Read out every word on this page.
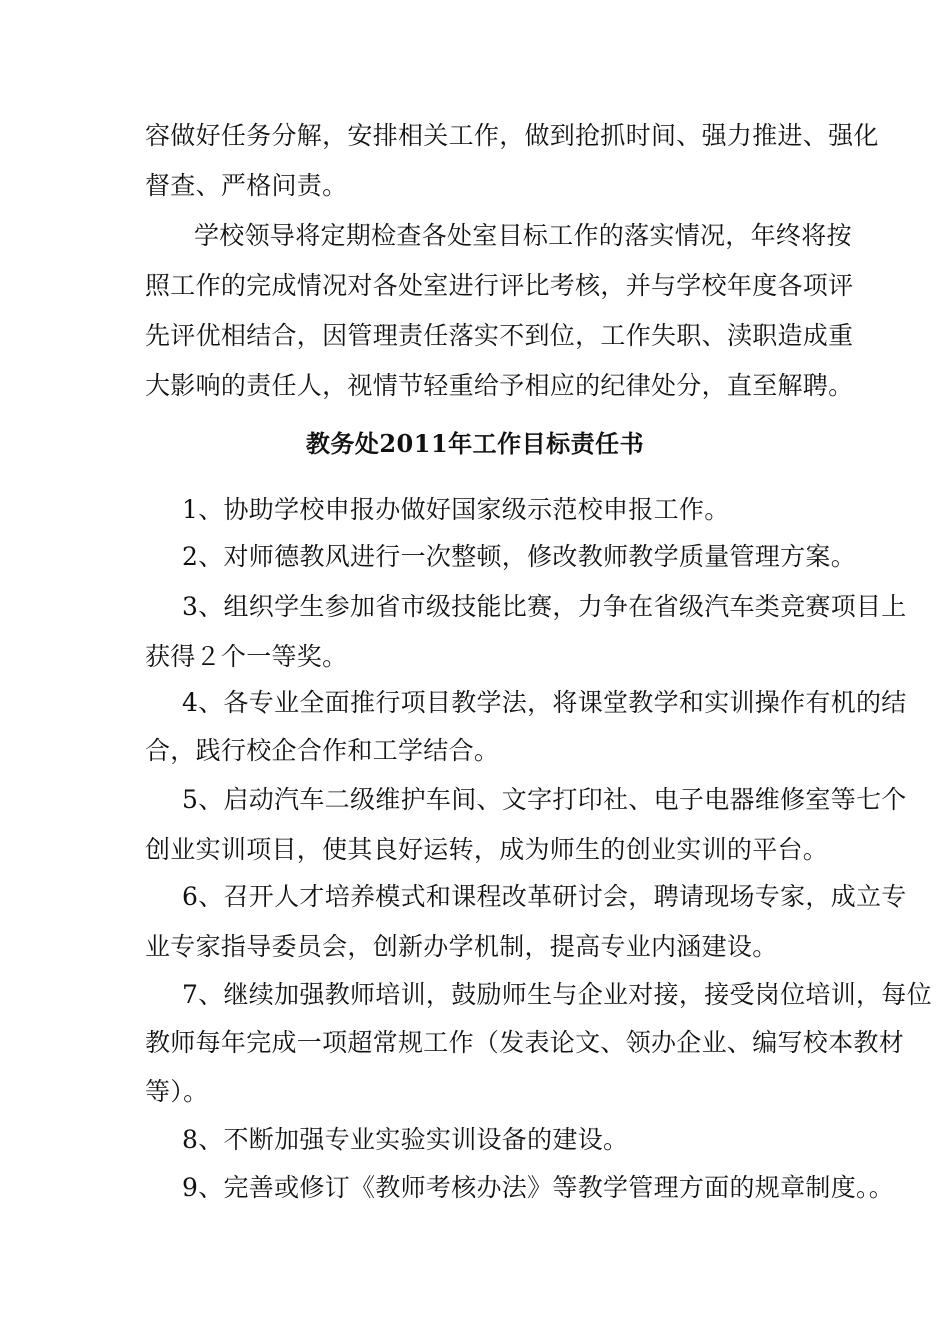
容做好任务分解，安排相关工作，做到抢抓时间、强力推进、强化
督查、严格问责。
学校领导将定期检查各处室目标工作的落实情况，年终将按
照工作的完成情况对各处室进行评比考核，并与学校年度各项评
先评优相结合，因管理责任落实不到位，工作失职、渎职造成重
大影响的责任人，视情节轻重给予相应的纪律处分，直至解聘。
教务处2011年工作目标责任书
1、协助学校申报办做好国家级示范校申报工作。
2、对师德教风进行一次整顿，修改教师教学质量管理方案。
3、组织学生参加省市级技能比赛，力争在省级汽车类竞赛项目上
获得２个一等奖。
4、各专业全面推行项目教学法，将课堂教学和实训操作有机的结
合，践行校企合作和工学结合。
5、启动汽车二级维护车间、文字打印社、电子电器维修室等七个
创业实训项目，使其良好运转，成为师生的创业实训的平台。
6、召开人才培养模式和课程改革研讨会，聘请现场专家，成立专
业专家指导委员会，创新办学机制，提高专业内涵建设。
7、继续加强教师培训，鼓励师生与企业对接，接受岗位培训，每位
教师每年完成一项超常规工作（发表论文、领办企业、编写校本教材
等）。
8、不断加强专业实验实训设备的建设。
9、完善或修订《教师考核办法》等教学管理方面的规章制度。。
